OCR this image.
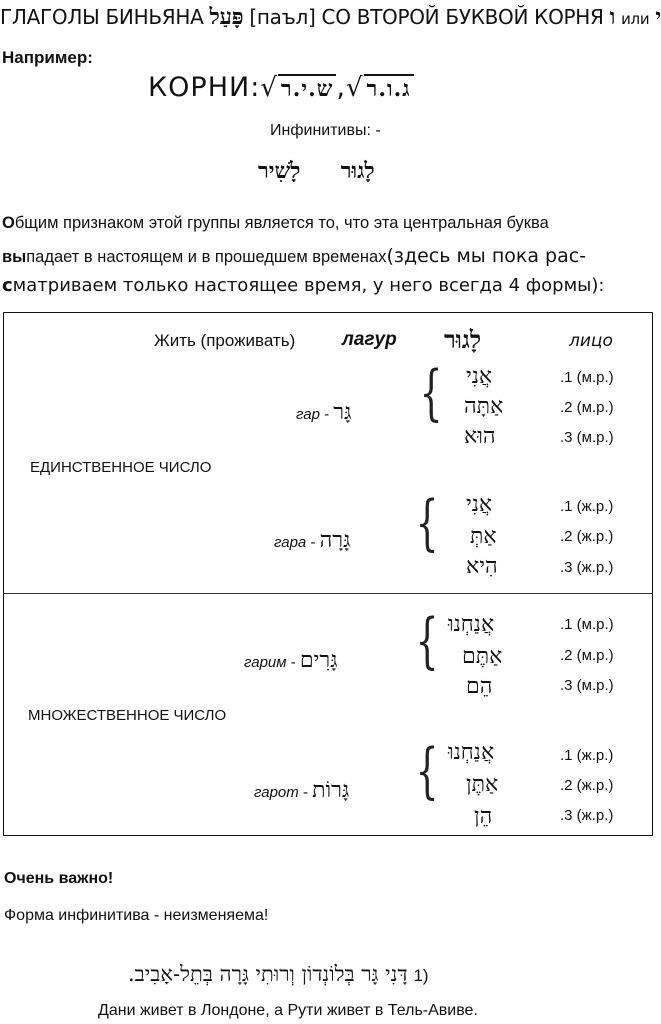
ГЛАГОЛЫ БИНЬЯНА פָּעַל [паъл] СО ВТОРОЙ БУКВОЙ КОРНЯ ו или י
Например:
КОРНИ:√ ש.י.ר ,√ ג.ו.ר
Инфинитивы: -
לָשִׁיר לָגוּר
Общим признаком этой группы является то, что эта центральная буква
выпадает в настоящем и в прошедшем временах(здесь мы пока рас-
сматриваем только настоящее время, у него всегда 4 формы):
Жить (проживать) лагур לָגוּר	лицо
гар - גָּר { אֲנִי
אַתָּה
הוּא
.1 (м.р.)
.2 (м.р.)
.3 (м.р.)
ЕДИНСТВЕННОЕ ЧИСЛО
гара - גָּרָה { אֲנִי
אַתְּ
הִיא
.1 (ж.р.)
.2 (ж.р.)
.3 (ж.р.)
гарим - גָּרִים { אֲנַחְנוּ
אַתֶּם
הֵם
.1 (м.р.)
.2 (м.р.)
.3 (м.р.)
МНОЖЕСТВЕННОЕ ЧИСЛО
гарот - גָּרוֹת { אֲנַחְנוּ
אַתֶּן
הֵן
.1 (ж.р.)
.2 (ж.р.)
.3 (ж.р.)
Очень важно!
Форма инфинитива - неизменяема!
דָּנִי גָּר בְּלוֹנְדוֹן וְרוּתִי גָּרָה בְּתֵל-אָבִיב. 1)
Дани живет в Лондоне, а Рути живет в Тель-Авиве.
